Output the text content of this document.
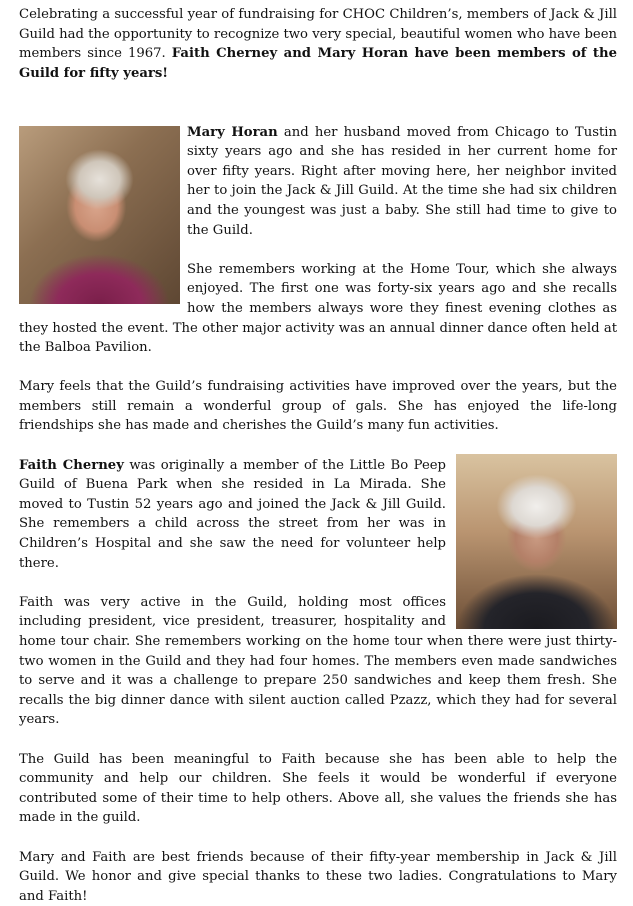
Celebrating a successful year of fundraising for CHOC Children’s, members of Jack & Jill Guild had the opportunity to recognize two very special, beautiful women who have been members since 1967. Faith Cherney and Mary Horan have been members of the Guild for fifty years!

Mary Horan and her husband moved from Chicago to Tustin sixty years ago and she has resided in her current home for over fifty years. Right after moving here, her neighbor invited her to join the Jack & Jill Guild. At the time she had six children and the youngest was just a baby. She still had time to give to the Guild.

She remembers working at the Home Tour, which she always enjoyed. The first one was forty-six years ago and she recalls how the members always wore they finest evening clothes as they hosted the event. The other major activity was an annual dinner dance often held at the Balboa Pavilion.

Mary feels that the Guild’s fundraising activities have improved over the years, but the members still remain a wonderful group of gals. She has enjoyed the life-long friendships she has made and cherishes the Guild’s many fun activities.

Faith Cherney was originally a member of the Little Bo Peep Guild of Buena Park when she resided in La Mirada. She moved to Tustin 52 years ago and joined the Jack & Jill Guild. She remembers a child across the street from her was in Children’s Hospital and she saw the need for volunteer help there.

Faith was very active in the Guild, holding most offices including president, vice president, treasurer, hospitality and home tour chair. She remembers working on the home tour when there were just thirty-two women in the Guild and they had four homes. The members even made sandwiches to serve and it was a challenge to prepare 250 sandwiches and keep them fresh. She recalls the big dinner dance with silent auction called Pzazz, which they had for several years.

The Guild has been meaningful to Faith because she has been able to help the community and help our children. She feels it would be wonderful if everyone contributed some of their time to help others. Above all, she values the friends she has made in the guild.

Mary and Faith are best friends because of their fifty-year membership in Jack & Jill Guild. We honor and give special thanks to these two ladies. Congratulations to Mary and Faith!
